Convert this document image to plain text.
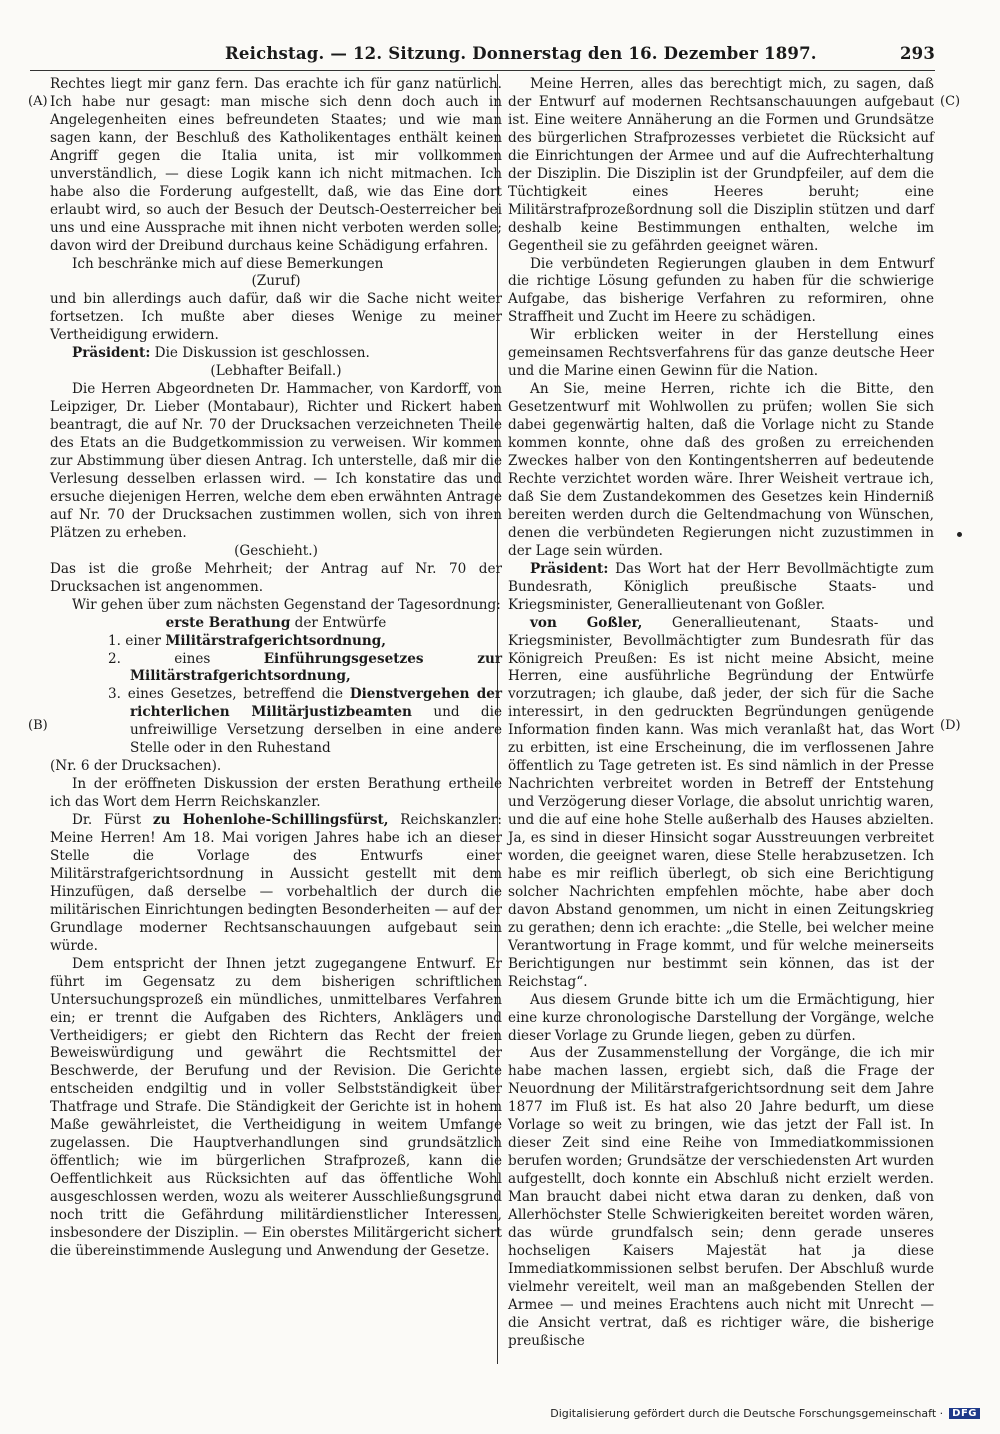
Reichstag. — 12. Sitzung. Donnerstag den 16. Dezember 1897.	293
(A)
(B)
(C)
(D)

Rechtes liegt mir ganz fern. Das erachte ich für ganz natürlich. Ich habe nur gesagt: man mische sich denn doch auch in Angelegenheiten eines befreundeten Staates; und wie man sagen kann, der Beschluß des Katholikentages enthält keinen Angriff gegen die Italia unita, ist mir vollkommen unverständlich, — diese Logik kann ich nicht mitmachen. Ich habe also die Forderung aufgestellt, daß, wie das Eine dort erlaubt wird, so auch der Besuch der Deutsch-Oesterreicher bei uns und eine Aussprache mit ihnen nicht verboten werden solle; davon wird der Dreibund durchaus keine Schädigung erfahren.

Ich beschränke mich auf diese Bemerkungen

(Zuruf)

und bin allerdings auch dafür, daß wir die Sache nicht weiter fortsetzen. Ich mußte aber dieses Wenige zu meiner Vertheidigung erwidern.

Präsident: Die Diskussion ist geschlossen.

(Lebhafter Beifall.)

Die Herren Abgeordneten Dr. Hammacher, von Kardorff, von Leipziger, Dr. Lieber (Montabaur), Richter und Rickert haben beantragt, die auf Nr. 70 der Drucksachen verzeichneten Theile des Etats an die Budgetkommission zu verweisen. Wir kommen zur Abstimmung über diesen Antrag. Ich unterstelle, daß mir die Verlesung desselben erlassen wird. — Ich konstatire das und ersuche diejenigen Herren, welche dem eben erwähnten Antrage auf Nr. 70 der Drucksachen zustimmen wollen, sich von ihren Plätzen zu erheben.

(Geschieht.)

Das ist die große Mehrheit; der Antrag auf Nr. 70 der Drucksachen ist angenommen.

Wir gehen über zum nächsten Gegenstand der Tagesordnung:

erste Berathung der Entwürfe

1. einer Militärstrafgerichtsordnung,

2. eines Einführungsgesetzes zur Militärstrafgerichtsordnung,

3. eines Gesetzes, betreffend die Dienstvergehen der richterlichen Militärjustizbeamten und die unfreiwillige Versetzung derselben in eine andere Stelle oder in den Ruhestand

(Nr. 6 der Drucksachen).

In der eröffneten Diskussion der ersten Berathung ertheile ich das Wort dem Herrn Reichskanzler.

Dr. Fürst zu Hohenlohe-Schillingsfürst, Reichskanzler: Meine Herren! Am 18. Mai vorigen Jahres habe ich an dieser Stelle die Vorlage des Entwurfs einer Militärstrafgerichtsordnung in Aussicht gestellt mit dem Hinzufügen, daß derselbe — vorbehaltlich der durch die militärischen Einrichtungen bedingten Besonderheiten — auf der Grundlage moderner Rechtsanschauungen aufgebaut sein würde.

Dem entspricht der Ihnen jetzt zugegangene Entwurf. Er führt im Gegensatz zu dem bisherigen schriftlichen Untersuchungsprozeß ein mündliches, unmittelbares Verfahren ein; er trennt die Aufgaben des Richters, Anklägers und Vertheidigers; er giebt den Richtern das Recht der freien Beweiswürdigung und gewährt die Rechtsmittel der Beschwerde, der Berufung und der Revision. Die Gerichte entscheiden endgiltig und in voller Selbstständigkeit über Thatfrage und Strafe. Die Ständigkeit der Gerichte ist in hohem Maße gewährleistet, die Vertheidigung in weitem Umfange zugelassen. Die Hauptverhandlungen sind grundsätzlich öffentlich; wie im bürgerlichen Strafprozeß, kann die Oeffentlichkeit aus Rücksichten auf das öffentliche Wohl ausgeschlossen werden, wozu als weiterer Ausschließungsgrund noch tritt die Gefährdung militärdienstlicher Interessen, insbesondere der Disziplin. — Ein oberstes Militärgericht sichert die übereinstimmende Auslegung und Anwendung der Gesetze.

Meine Herren, alles das berechtigt mich, zu sagen, daß der Entwurf auf modernen Rechtsanschauungen aufgebaut ist. Eine weitere Annäherung an die Formen und Grundsätze des bürgerlichen Strafprozesses verbietet die Rücksicht auf die Einrichtungen der Armee und auf die Aufrechterhaltung der Disziplin. Die Disziplin ist der Grundpfeiler, auf dem die Tüchtigkeit eines Heeres beruht; eine Militärstrafprozeßordnung soll die Disziplin stützen und darf deshalb keine Bestimmungen enthalten, welche im Gegentheil sie zu gefährden geeignet wären.

Die verbündeten Regierungen glauben in dem Entwurf die richtige Lösung gefunden zu haben für die schwierige Aufgabe, das bisherige Verfahren zu reformiren, ohne Straffheit und Zucht im Heere zu schädigen.

Wir erblicken weiter in der Herstellung eines gemeinsamen Rechtsverfahrens für das ganze deutsche Heer und die Marine einen Gewinn für die Nation.

An Sie, meine Herren, richte ich die Bitte, den Gesetzentwurf mit Wohlwollen zu prüfen; wollen Sie sich dabei gegenwärtig halten, daß die Vorlage nicht zu Stande kommen konnte, ohne daß des großen zu erreichenden Zweckes halber von den Kontingentsherren auf bedeutende Rechte verzichtet worden wäre. Ihrer Weisheit vertraue ich, daß Sie dem Zustandekommen des Gesetzes kein Hinderniß bereiten werden durch die Geltendmachung von Wünschen, denen die verbündeten Regierungen nicht zuzustimmen in der Lage sein würden.

Präsident: Das Wort hat der Herr Bevollmächtigte zum Bundesrath, Königlich preußische Staats- und Kriegsminister, Generallieutenant von Goßler.

von Goßler, Generallieutenant, Staats- und Kriegsminister, Bevollmächtigter zum Bundesrath für das Königreich Preußen: Es ist nicht meine Absicht, meine Herren, eine ausführliche Begründung der Entwürfe vorzutragen; ich glaube, daß jeder, der sich für die Sache interessirt, in den gedruckten Begründungen genügende Information finden kann. Was mich veranlaßt hat, das Wort zu erbitten, ist eine Erscheinung, die im verflossenen Jahre öffentlich zu Tage getreten ist. Es sind nämlich in der Presse Nachrichten verbreitet worden in Betreff der Entstehung und Verzögerung dieser Vorlage, die absolut unrichtig waren, und die auf eine hohe Stelle außerhalb des Hauses abzielten. Ja, es sind in dieser Hinsicht sogar Ausstreuungen verbreitet worden, die geeignet waren, diese Stelle herabzusetzen. Ich habe es mir reiflich überlegt, ob sich eine Berichtigung solcher Nachrichten empfehlen möchte, habe aber doch davon Abstand genommen, um nicht in einen Zeitungskrieg zu gerathen; denn ich erachte: „die Stelle, bei welcher meine Verantwortung in Frage kommt, und für welche meinerseits Berichtigungen nur bestimmt sein können, das ist der Reichstag“.

Aus diesem Grunde bitte ich um die Ermächtigung, hier eine kurze chronologische Darstellung der Vorgänge, welche dieser Vorlage zu Grunde liegen, geben zu dürfen.

Aus der Zusammenstellung der Vorgänge, die ich mir habe machen lassen, ergiebt sich, daß die Frage der Neuordnung der Militärstrafgerichtsordnung seit dem Jahre 1877 im Fluß ist. Es hat also 20 Jahre bedurft, um diese Vorlage so weit zu bringen, wie das jetzt der Fall ist. In dieser Zeit sind eine Reihe von Immediatkommissionen berufen worden; Grundsätze der verschiedensten Art wurden aufgestellt, doch konnte ein Abschluß nicht erzielt werden. Man braucht dabei nicht etwa daran zu denken, daß von Allerhöchster Stelle Schwierigkeiten bereitet worden wären, das würde grundfalsch sein; denn gerade unseres hochseligen Kaisers Majestät hat ja diese Immediatkommissionen selbst berufen. Der Abschluß wurde vielmehr vereitelt, weil man an maßgebenden Stellen der Armee — und meines Erachtens auch nicht mit Unrecht — die Ansicht vertrat, daß es richtiger wäre, die bisherige preußische

Digitalisierung gefördert durch die Deutsche Forschungsgemeinschaft · DFG
